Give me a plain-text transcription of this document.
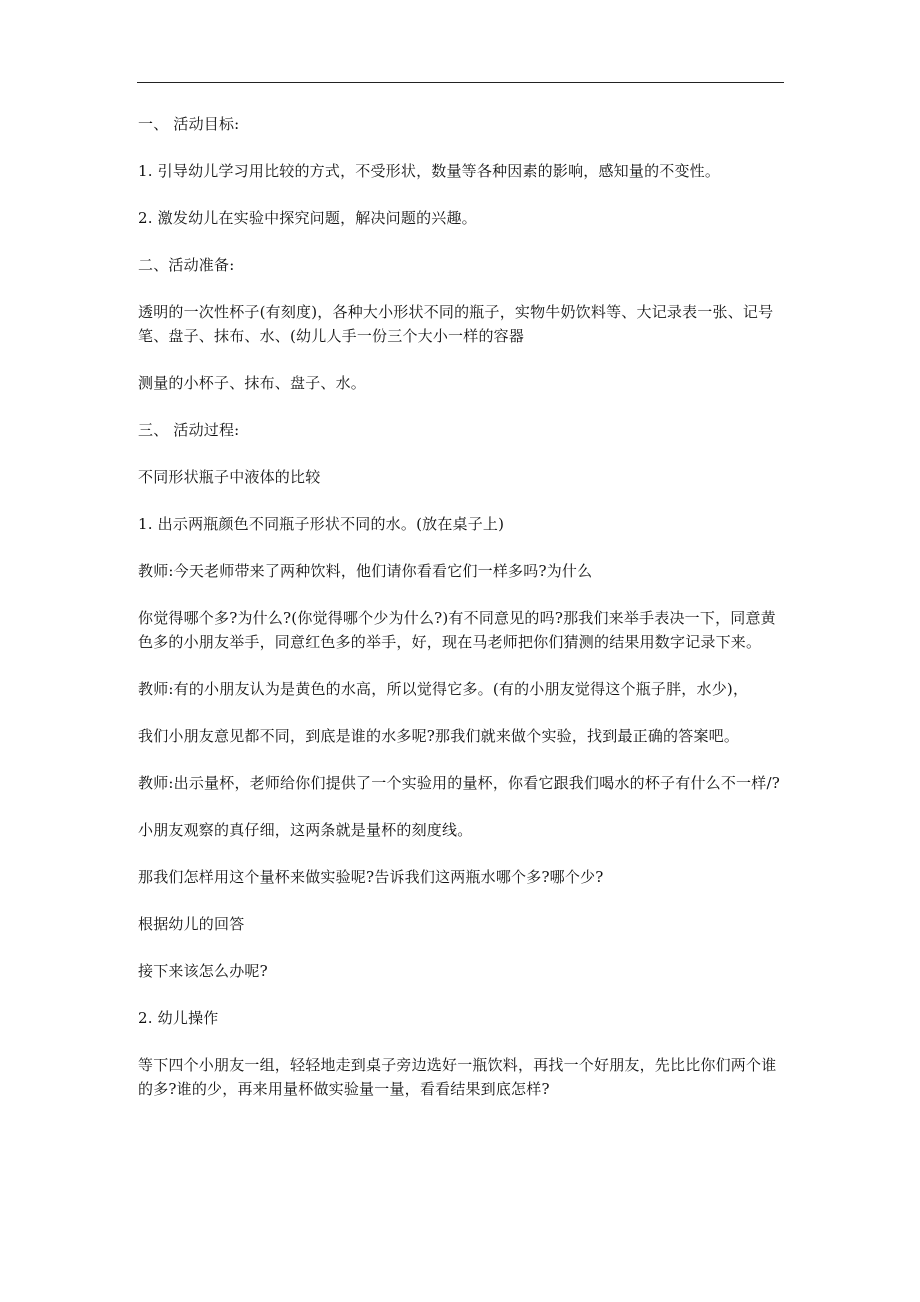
一、 活动目标:

1. 引导幼儿学习用比较的方式，不受形状，数量等各种因素的影响，感知量的不变性。

2. 激发幼儿在实验中探究问题，解决问题的兴趣。

二、活动准备:

透明的一次性杯子(有刻度)，各种大小形状不同的瓶子，实物牛奶饮料等、大记录表一张、记号笔、盘子、抹布、水、(幼儿人手一份三个大小一样的容器

测量的小杯子、抹布、盘子、水。

三、 活动过程:

不同形状瓶子中液体的比较

1. 出示两瓶颜色不同瓶子形状不同的水。(放在桌子上)

教师:今天老师带来了两种饮料，他们请你看看它们一样多吗?为什么

你觉得哪个多?为什么?(你觉得哪个少为什么?)有不同意见的吗?那我们来举手表决一下，同意黄色多的小朋友举手，同意红色多的举手，好，现在马老师把你们猜测的结果用数字记录下来。

教师:有的小朋友认为是黄色的水高，所以觉得它多。(有的小朋友觉得这个瓶子胖，水少)，

我们小朋友意见都不同，到底是谁的水多呢?那我们就来做个实验，找到最正确的答案吧。

教师:出示量杯，老师给你们提供了一个实验用的量杯，你看它跟我们喝水的杯子有什么不一样/?

小朋友观察的真仔细，这两条就是量杯的刻度线。

那我们怎样用这个量杯来做实验呢?告诉我们这两瓶水哪个多?哪个少?

根据幼儿的回答

接下来该怎么办呢?

2. 幼儿操作

等下四个小朋友一组，轻轻地走到桌子旁边选好一瓶饮料，再找一个好朋友，先比比你们两个谁的多?谁的少，再来用量杯做实验量一量，看看结果到底怎样?
